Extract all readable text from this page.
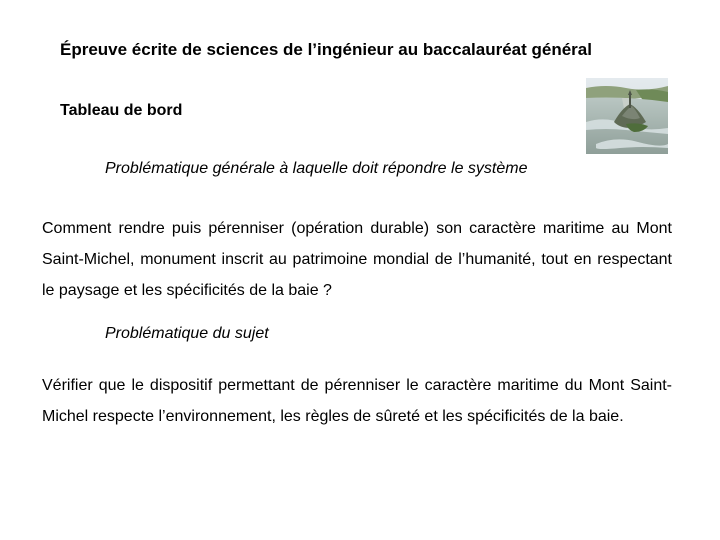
Épreuve écrite de sciences de l’ingénieur au baccalauréat général
Tableau de bord

Problématique générale à laquelle doit répondre le système

Comment rendre puis pérenniser (opération durable) son caractère maritime au Mont Saint-Michel, monument inscrit au patrimoine mondial de l’humanité, tout en respectant le paysage et les spécificités de la baie ?

Problématique du sujet

Vérifier que le dispositif permettant de pérenniser le caractère maritime du Mont Saint-Michel respecte l’environnement, les règles de sûreté et les spécificités de la baie.
